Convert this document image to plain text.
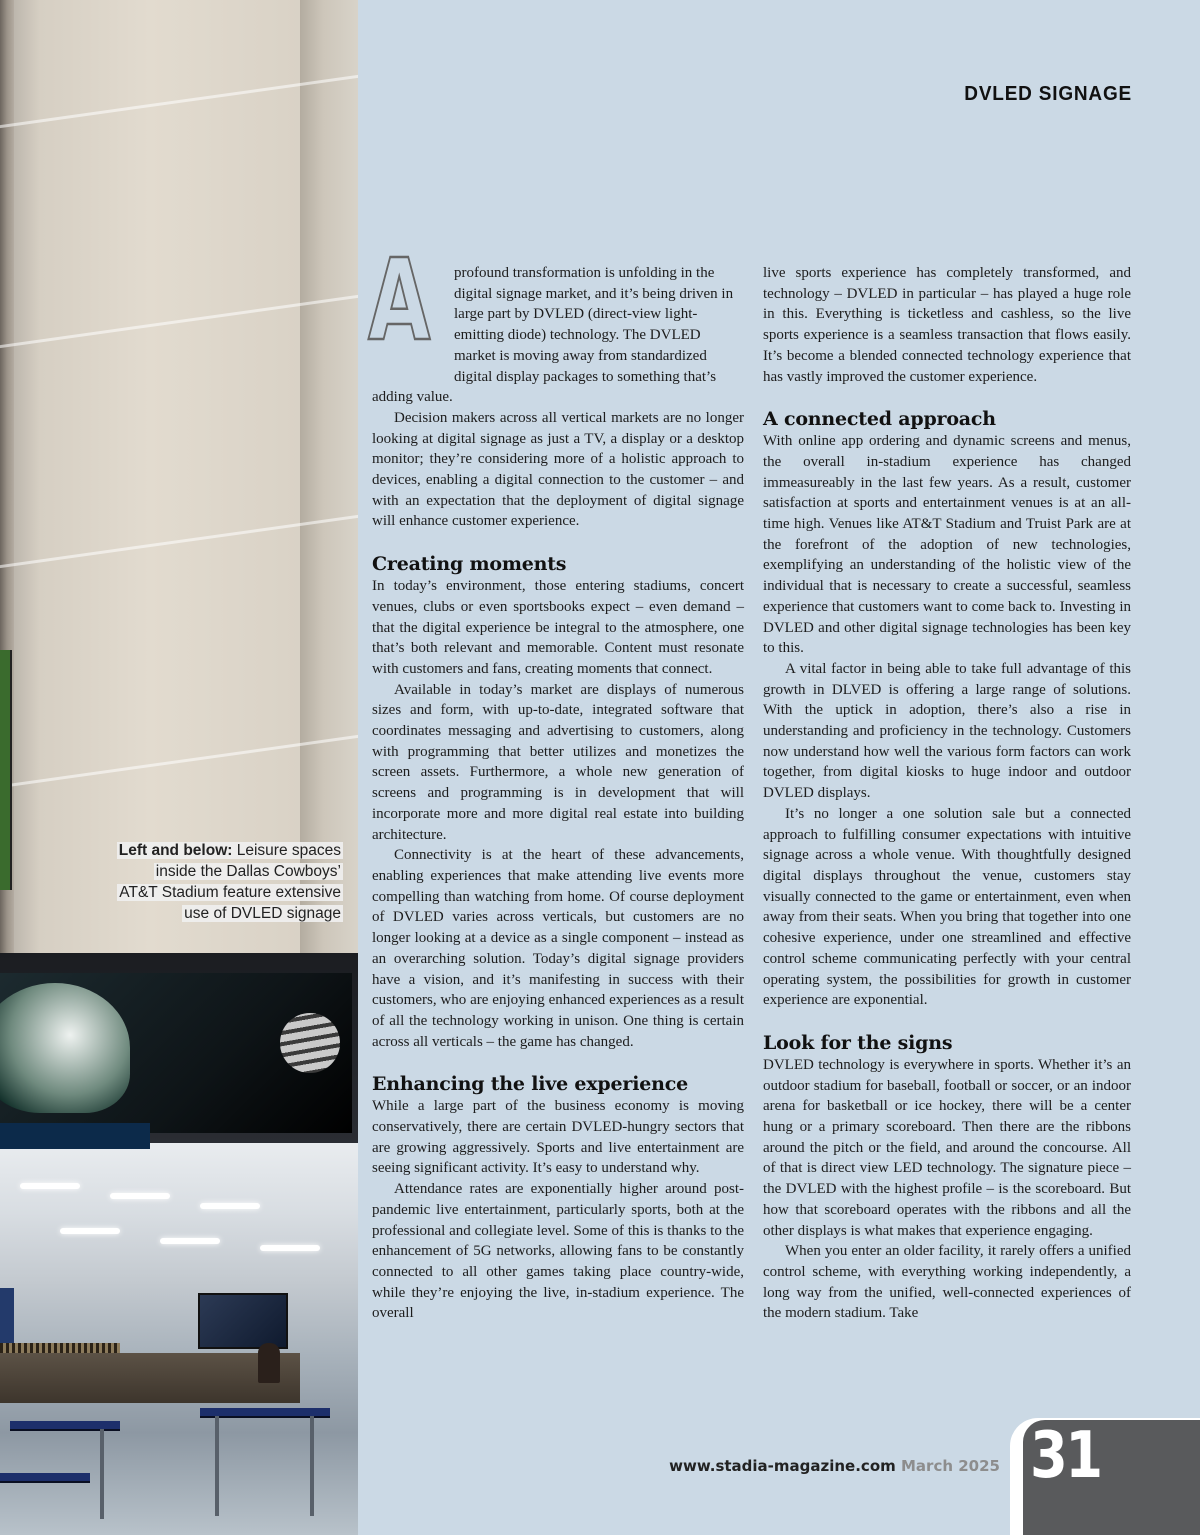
Left and below: Leisure spaces
inside the Dallas Cowboys’
AT&T Stadium feature extensive
use of DVLED signage
DVLED SIGNAGE
A	profound transformation is unfolding in the digital signage market, and it’s being driven in large part by DVLED (direct-view light-emitting diode) technology. The DVLED market is moving away from standardized digital display packages to something that’s adding value.

Decision makers across all vertical markets are no longer looking at digital signage as just a TV, a display or a desktop monitor; they’re considering more of a holistic approach to devices, enabling a digital connection to the customer – and with an expectation that the deployment of digital signage will enhance customer experience.

Creating moments

In today’s environment, those entering stadiums, concert venues, clubs or even sportsbooks expect – even demand – that the digital experience be integral to the atmosphere, one that’s both relevant and memorable. Content must resonate with customers and fans, creating moments that connect.

Available in today’s market are displays of numerous sizes and form, with up-to-date, integrated software that coordinates messaging and advertising to customers, along with programming that better utilizes and monetizes the screen assets. Furthermore, a whole new generation of screens and programming is in development that will incorporate more and more digital real estate into building architecture.

Connectivity is at the heart of these advancements, enabling experiences that make attending live events more compelling than watching from home. Of course deployment of DVLED varies across verticals, but customers are no longer looking at a device as a single component – instead as an overarching solution. Today’s digital signage providers have a vision, and it’s manifesting in success with their customers, who are enjoying enhanced experiences as a result of all the technology working in unison. One thing is certain across all verticals – the game has changed.

Enhancing the live experience

While a large part of the business economy is moving conservatively, there are certain DVLED-hungry sectors that are growing aggressively. Sports and live entertainment are seeing significant activity. It’s easy to understand why.

Attendance rates are exponentially higher around post-pandemic live entertainment, particularly sports, both at the professional and collegiate level. Some of this is thanks to the enhancement of 5G networks, allowing fans to be constantly connected to all other games taking place country-wide, while they’re enjoying the live, in-stadium experience. The overall

live sports experience has completely transformed, and technology – DVLED in particular – has played a huge role in this. Everything is ticketless and cashless, so the live sports experience is a seamless transaction that flows easily. It’s become a blended connected technology experience that has vastly improved the customer experience.

A connected approach

With online app ordering and dynamic screens and menus, the overall in-stadium experience has changed immeasureably in the last few years. As a result, customer satisfaction at sports and entertainment venues is at an all-time high. Venues like AT&T Stadium and Truist Park are at the forefront of the adoption of new technologies, exemplifying an understanding of the holistic view of the individual that is necessary to create a successful, seamless experience that customers want to come back to. Investing in DVLED and other digital signage technologies has been key to this.

A vital factor in being able to take full advantage of this growth in DLVED is offering a large range of solutions. With the uptick in adoption, there’s also a rise in understanding and proficiency in the technology. Customers now understand how well the various form factors can work together, from digital kiosks to huge indoor and outdoor DVLED displays.

It’s no longer a one solution sale but a connected approach to fulfilling consumer expectations with intuitive signage across a whole venue. With thoughtfully designed digital displays throughout the venue, customers stay visually connected to the game or entertainment, even when away from their seats. When you bring that together into one cohesive experience, under one streamlined and effective control scheme communicating perfectly with your central operating system, the possibilities for growth in customer experience are exponential.

Look for the signs

DVLED technology is everywhere in sports. Whether it’s an outdoor stadium for baseball, football or soccer, or an indoor arena for basketball or ice hockey, there will be a center hung or a primary scoreboard. Then there are the ribbons around the pitch or the field, and around the concourse. All of that is direct view LED technology. The signature piece – the DVLED with the highest profile – is the scoreboard. But how that scoreboard operates with the ribbons and all the other displays is what makes that experience engaging.

When you enter an older facility, it rarely offers a unified control scheme, with everything working independently, a long way from the unified, well-connected experiences of the modern stadium. Take

www.stadia-magazine.com March 2025 31
